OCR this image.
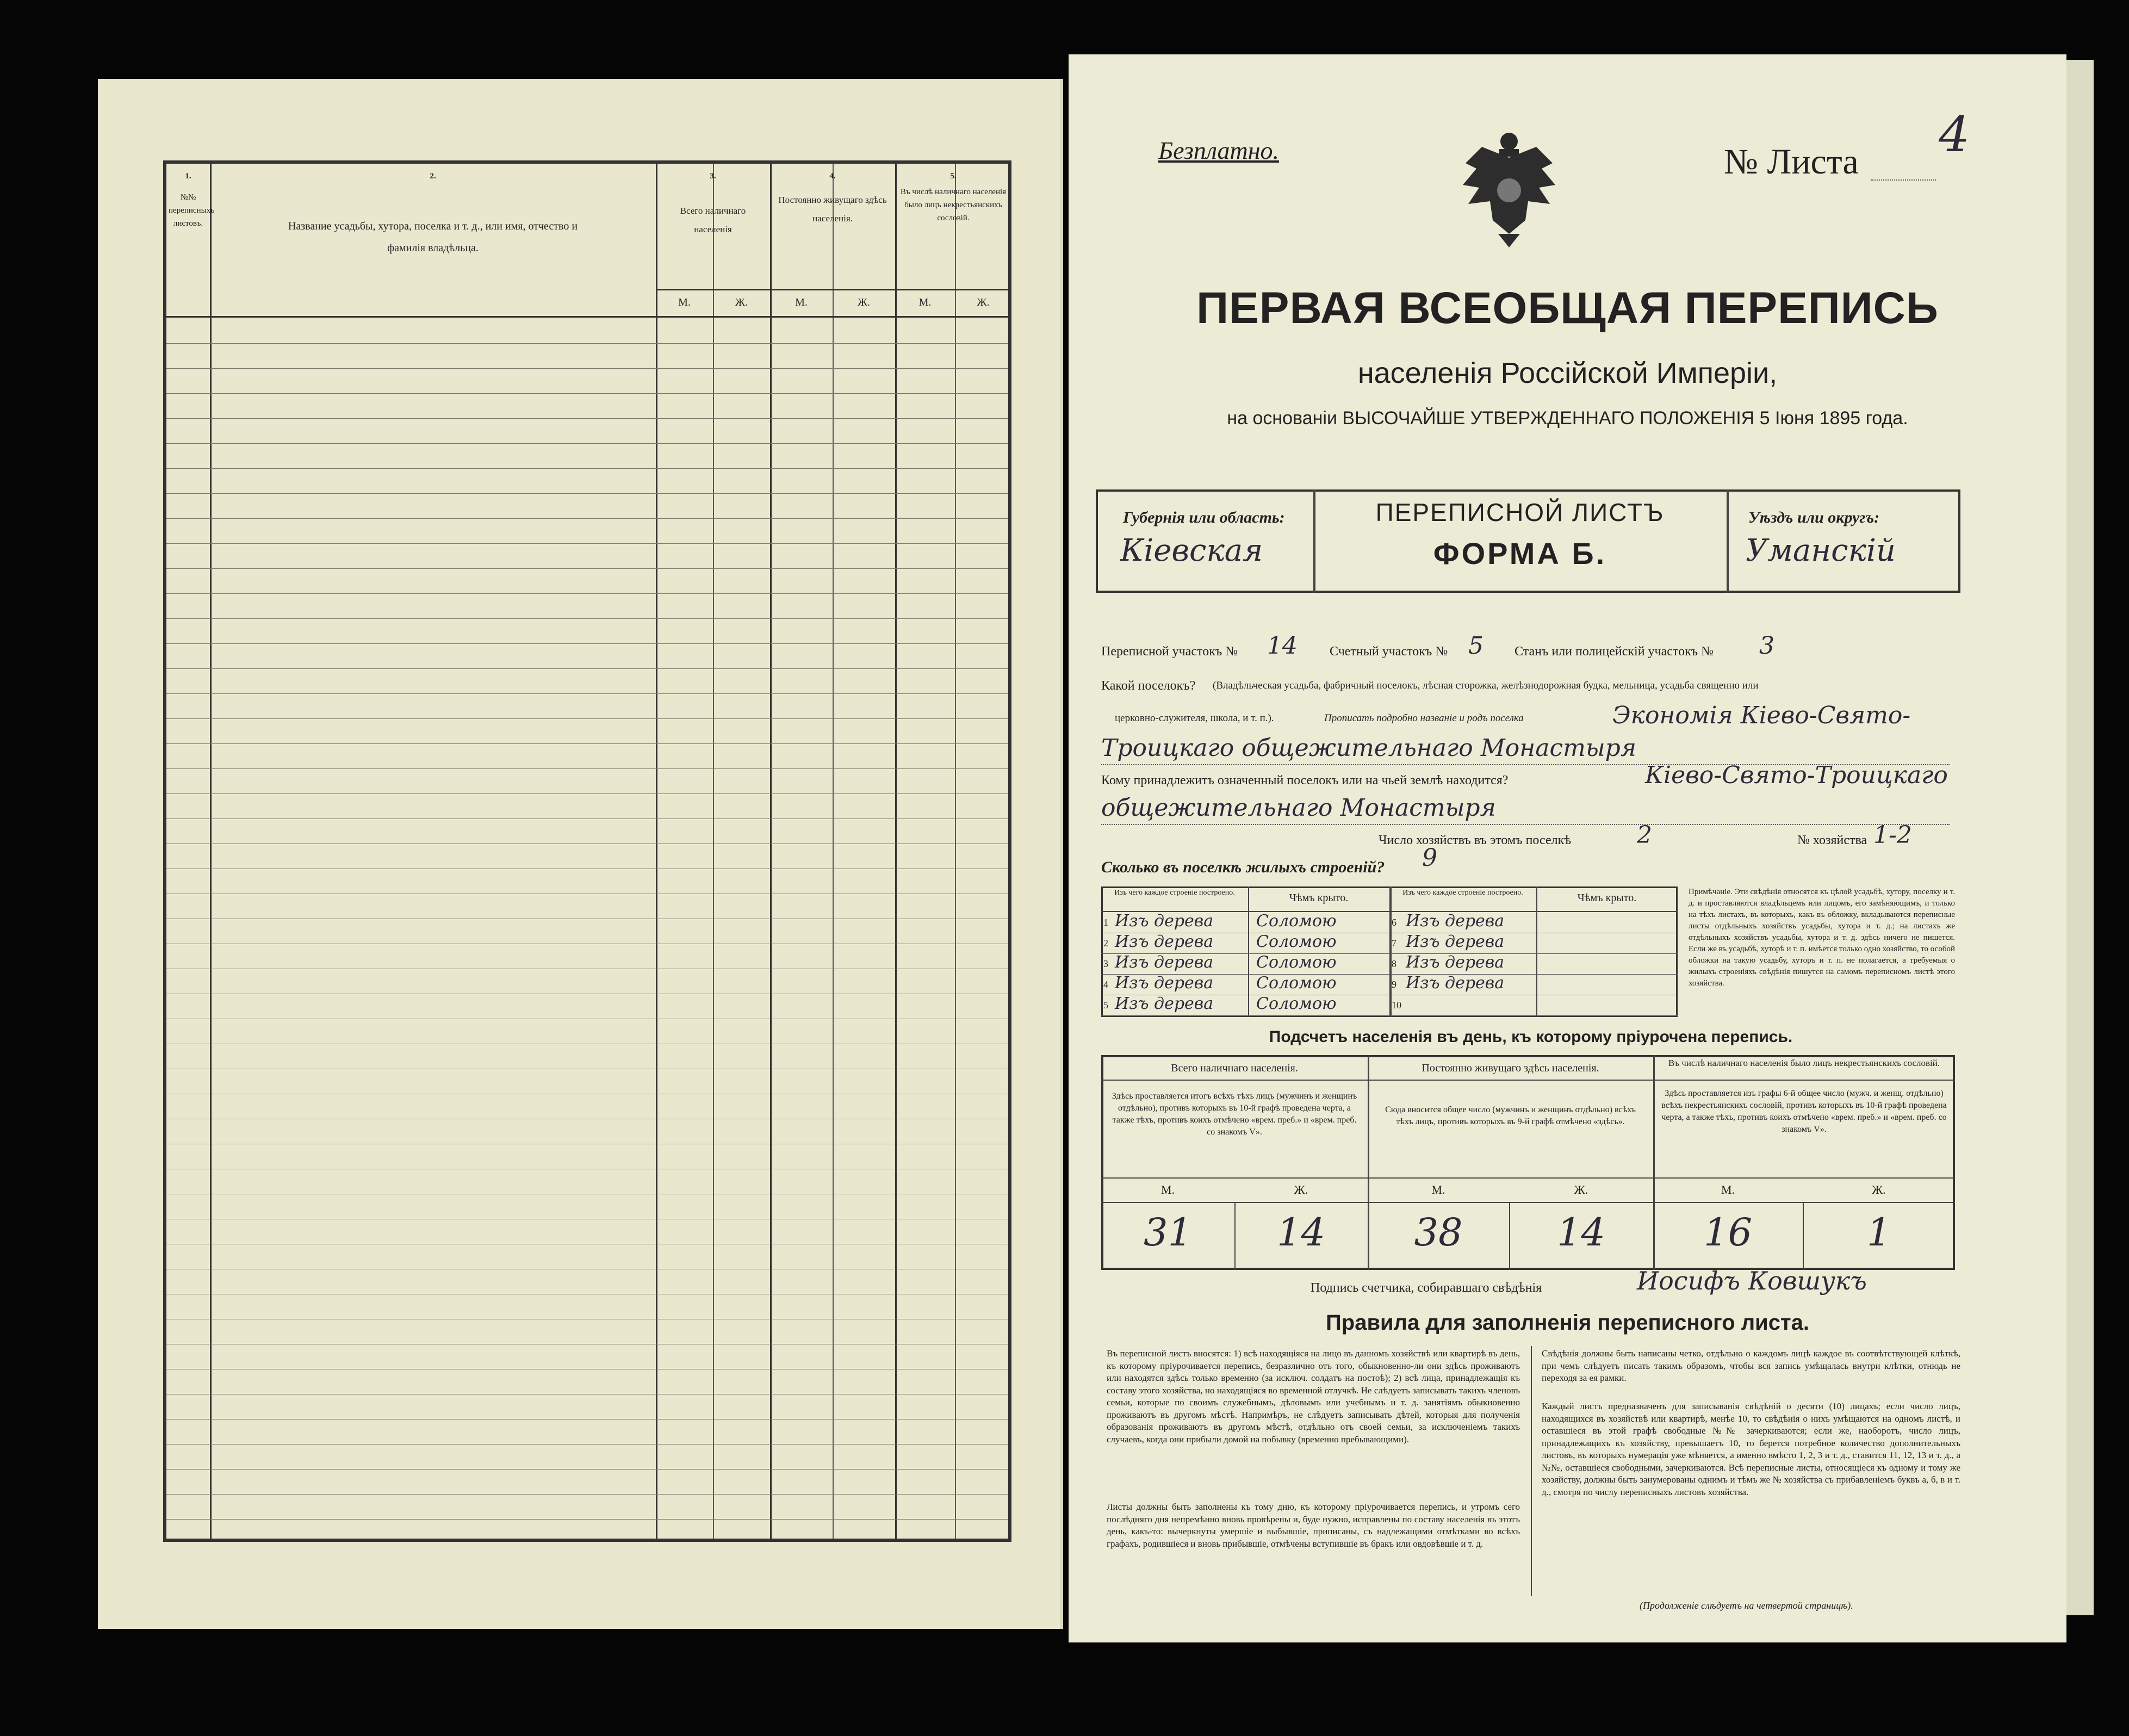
1.
№№ переписныхъ листовъ.
2.
Название усадьбы, хутора, поселка и т. д., или имя, отчество и фамилія владѣльца.
3.
Всего наличнаго населенія
4.
Постоянно живущаго здѣсь населенія.
5.
Въ числѣ наличнаго населенія было лицъ некрестьянскихъ сословій.
М.	Ж.	М.	Ж.	М.	Ж.
Безплатно.	№ Листа 4
ПЕРВАЯ ВСЕОБЩАЯ ПЕРЕПИСЬ
населенія Россійской Имперіи,
на основаніи ВЫСОЧАЙШЕ УТВЕРЖДЕННАГО ПОЛОЖЕНІЯ 5 Іюня 1895 года.
Губернія или область:
Кіевская
ПЕРЕПИСНОЙ ЛИСТЪ
ФОРМА Б.
Уѣздъ или округъ:
Уманскій
Переписной участокъ № 14 Счетный участокъ № 5 Станъ или полицейскій участокъ № 3
Какой поселокъ? (Владѣльческая усадьба, фабричный поселокъ, лѣсная сторожка, желѣзнодорожная будка, мельница, усадьба священно или
церковно-служителя, школа, и т. п.).	Прописать подробно названіе и родъ поселка	Экономія Кіево-Свято-
Троицкаго общежительнаго Монастыря
Кому принадлежитъ означенный поселокъ или на чьей землѣ находится?	Кіево-Свято-Троицкаго
общежительнаго Монастыря
Число хозяйствъ въ этомъ поселкѣ	2	№ хозяйства 1-2
Сколько въ поселкѣ жилыхъ строеній? 9
Изъ чего каждое строеніе построено.	Чѣмъ крыто.	Изъ чего каждое строеніе построено.	Чѣмъ крыто.
1 Изъ дерева	Соломою	6 Изъ дерева
2 Изъ дерева	Соломою	7 Изъ дерева
3 Изъ дерева	Соломою	8 Изъ дерева
4 Изъ дерева	Соломою	9 Изъ дерева
5 Изъ дерева	Соломою	10
Примѣчаніе. Эти свѣдѣнія относятся къ цѣлой усадьбѣ, хутору, поселку и т. д. и проставляются владѣльцемъ или лицомъ, его замѣняющимъ, и только на тѣхъ листахъ, въ которыхъ, какъ въ обложку, вкладываются переписные листы отдѣльныхъ хозяйствъ усадьбы, хутора и т. д.; на листахъ же отдѣльныхъ хозяйствъ усадьбы, хутора и т. д. здѣсь ничего не пишется. Если же въ усадьбѣ, хуторѣ и т. п. имѣется только одно хозяйство, то особой обложки на такую усадьбу, хуторъ и т. п. не полагается, а требуемыя о жилыхъ строеніяхъ свѣдѣнія пишутся на самомъ переписномъ листѣ этого хозяйства.
Подсчетъ населенія въ день, къ которому пріурочена перепись.
Всего наличнаго населенія.	Постоянно живущаго здѣсь населенія.	Въ числѣ наличнаго населенія было лицъ некрестьянскихъ сословій.
Здѣсь проставляется итогъ всѣхъ тѣхъ лицъ (мужчинъ и женщинъ отдѣльно), противъ которыхъ въ 10-й графѣ проведена черта, а также тѣхъ, противъ коихъ отмѣчено «врем. преб.» и «врем. преб. со знакомъ V».
Сюда вносится общее число (мужчинъ и женщинъ отдѣльно) всѣхъ тѣхъ лицъ, противъ которыхъ въ 9-й графѣ отмѣчено «здѣсь».
Здѣсь проставляется изъ графы 6-й общее число (мужч. и женщ. отдѣльно) всѣхъ некрестьянскихъ сословій, противъ которыхъ въ 10-й графѣ проведена черта, а также тѣхъ, противъ коихъ отмѣчено «врем. преб.» и «врем. преб. со знакомъ V».
М.	Ж.	М.	Ж.	М.	Ж.
31	14	38	14	16	1
Подпись счетчика, собиравшаго свѣдѣнія	Иосифъ Ковшукъ
Правила для заполненія переписного листа.
Въ переписной листъ вносятся: 1) всѣ находящіяся на лицо въ данномъ хозяйствѣ или квартирѣ въ день, къ которому пріурочивается перепись, безразлично отъ того, обыкновенно-ли они здѣсь проживаютъ или находятся здѣсь только временно (за исключ. солдатъ на постоѣ); 2) всѣ лица, принадлежащія къ составу этого хозяйства, но находящіяся во временной отлучкѣ. Не слѣдуетъ записывать такихъ членовъ семьи, которые по своимъ служебнымъ, дѣловымъ или учебнымъ и т. д. занятіямъ обыкновенно проживаютъ въ другомъ мѣстѣ. Напримѣръ, не слѣдуетъ записывать дѣтей, которыя для полученія образованія проживаютъ въ другомъ мѣстѣ, отдѣльно отъ своей семьи, за исключеніемъ такихъ случаевъ, когда они прибыли домой на побывку (временно пребывающими).
Листы должны быть заполнены къ тому дню, къ которому пріурочивается перепись, и утромъ сего послѣдняго дня непремѣнно вновь провѣрены и, буде нужно, исправлены по составу населенія въ этотъ день, какъ-то: вычеркнуты умершіе и выбывшіе, приписаны, съ надлежащими отмѣтками во всѣхъ графахъ, родившіеся и вновь прибывшіе, отмѣчены вступившіе въ бракъ или овдовѣвшіе и т. д.
Свѣдѣнія должны быть написаны четко, отдѣльно о каждомъ лицѣ каждое въ соотвѣтствующей клѣткѣ, при чемъ слѣдуетъ писать такимъ образомъ, чтобы вся запись умѣщалась внутри клѣтки, отнюдь не переходя за ея рамки.
Каждый листъ предназначенъ для записыванія свѣдѣній о десяти (10) лицахъ; если число лицъ, находящихся въ хозяйствѣ или квартирѣ, менѣе 10, то свѣдѣнія о нихъ умѣщаются на одномъ листѣ, и оставшіеся въ этой графѣ свободные №№ зачеркиваются; если же, наоборотъ, число лицъ, принадлежащихъ къ хозяйству, превышаетъ 10, то берется потребное количество дополнительныхъ листовъ, въ которыхъ нумерація уже мѣняется, а именно вмѣсто 1, 2, 3 и т. д., ставится 11, 12, 13 и т. д., а №№, оставшіеся свободными, зачеркиваются. Всѣ переписные листы, относящіеся къ одному и тому же хозяйству, должны быть занумерованы однимъ и тѣмъ же № хозяйства съ прибавленіемъ буквъ а, б, в и т. д., смотря по числу переписныхъ листовъ хозяйства.
(Продолженіе слѣдуетъ на четвертой страницѣ).
